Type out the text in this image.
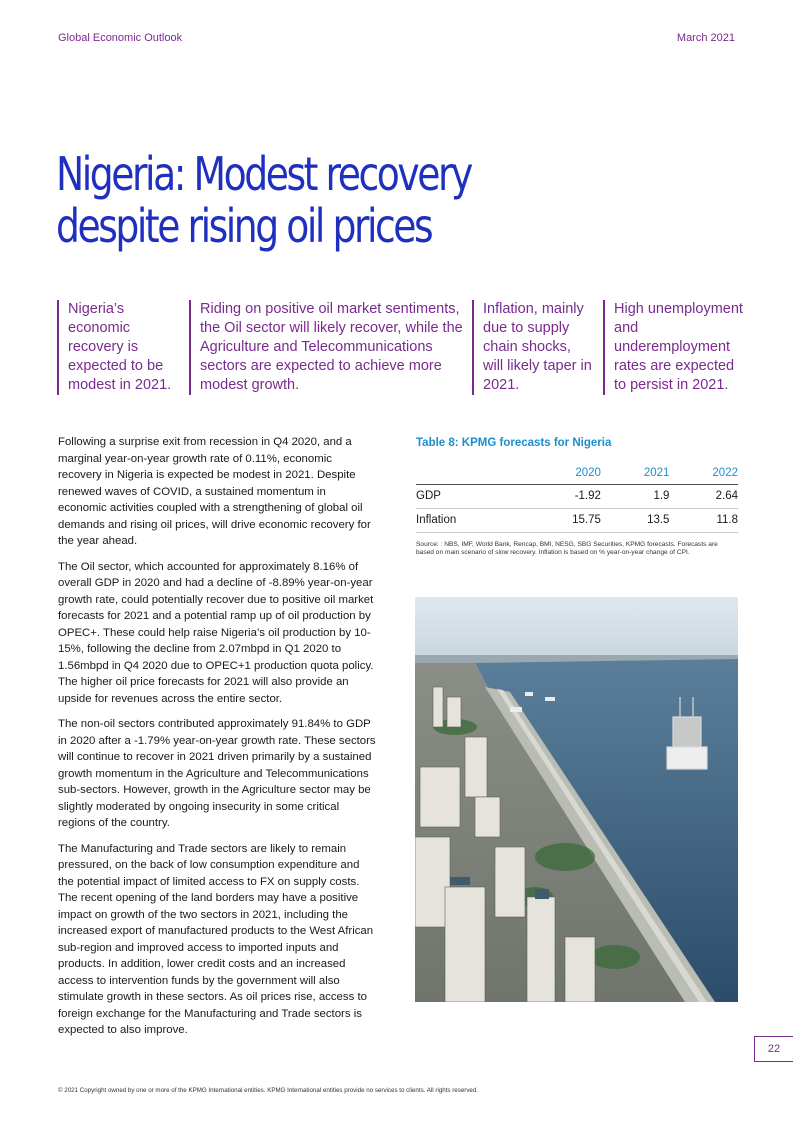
Global Economic Outlook	March 2021
Nigeria: Modest recovery
despite rising oil prices
Nigeria’s economic recovery is expected to be modest in 2021.
Riding on positive oil market sentiments, the Oil sector will likely recover, while the Agriculture and Telecommunications sectors are expected to achieve more modest growth.
Inflation, mainly due to supply chain shocks, will likely taper in 2021.
High unemployment and underemployment rates are expected to persist in 2021.

Following a surprise exit from recession in Q4 2020, and a marginal year-on-year growth rate of 0.11%, economic recovery in Nigeria is expected be modest in 2021. Despite renewed waves of COVID, a sustained momentum in economic activities coupled with a strengthening of global oil demands and rising oil prices, will drive economic recovery for the year ahead.

The Oil sector, which accounted for approximately 8.16% of overall GDP in 2020 and had a decline of -8.89% year-on-year growth rate, could potentially recover due to positive oil market forecasts for 2021 and a potential ramp up of oil production by OPEC+. These could help raise Nigeria’s oil production by 10-15%, following the decline from 2.07mbpd in Q1 2020 to 1.56mbpd in Q4 2020 due to OPEC+1 production quota policy. The higher oil price forecasts for 2021 will also provide an upside for revenues across the entire sector.

The non-oil sectors contributed approximately 91.84% to GDP in 2020 after a -1.79% year-on-year growth rate. These sectors will continue to recover in 2021 driven primarily by a sustained growth momentum in the Agriculture and Telecommunications sub-sectors. However, growth in the Agriculture sector may be slightly moderated by ongoing insecurity in some critical regions of the country.

The Manufacturing and Trade sectors are likely to remain pressured, on the back of low consumption expenditure and the potential impact of limited access to FX on supply costs. The recent opening of the land borders may have a positive impact on growth of the two sectors in 2021, including the increased export of manufactured products to the West African sub-region and improved access to imported inputs and products. In addition, lower credit costs and an increased access to intervention funds by the government will also stimulate growth in these sectors. As oil prices rise, access to foreign exchange for the Manufacturing and Trade sectors is expected to also improve.

Table 8: KPMG forecasts for Nigeria
	2020	2021	2022
GDP	-1.92	1.9	2.64
Inflation	15.75	13.5	11.8
Source: : NBS, IMF, World Bank, Rencap, BMI, NESG, SBG Securities, KPMG forecasts. Forecasts are based on main scenario of slow recovery. Inflation is based on % year-on-year change of CPI.
22
© 2021 Copyright owned by one or more of the KPMG International entities. KPMG International entities provide no services to clients. All rights reserved.
